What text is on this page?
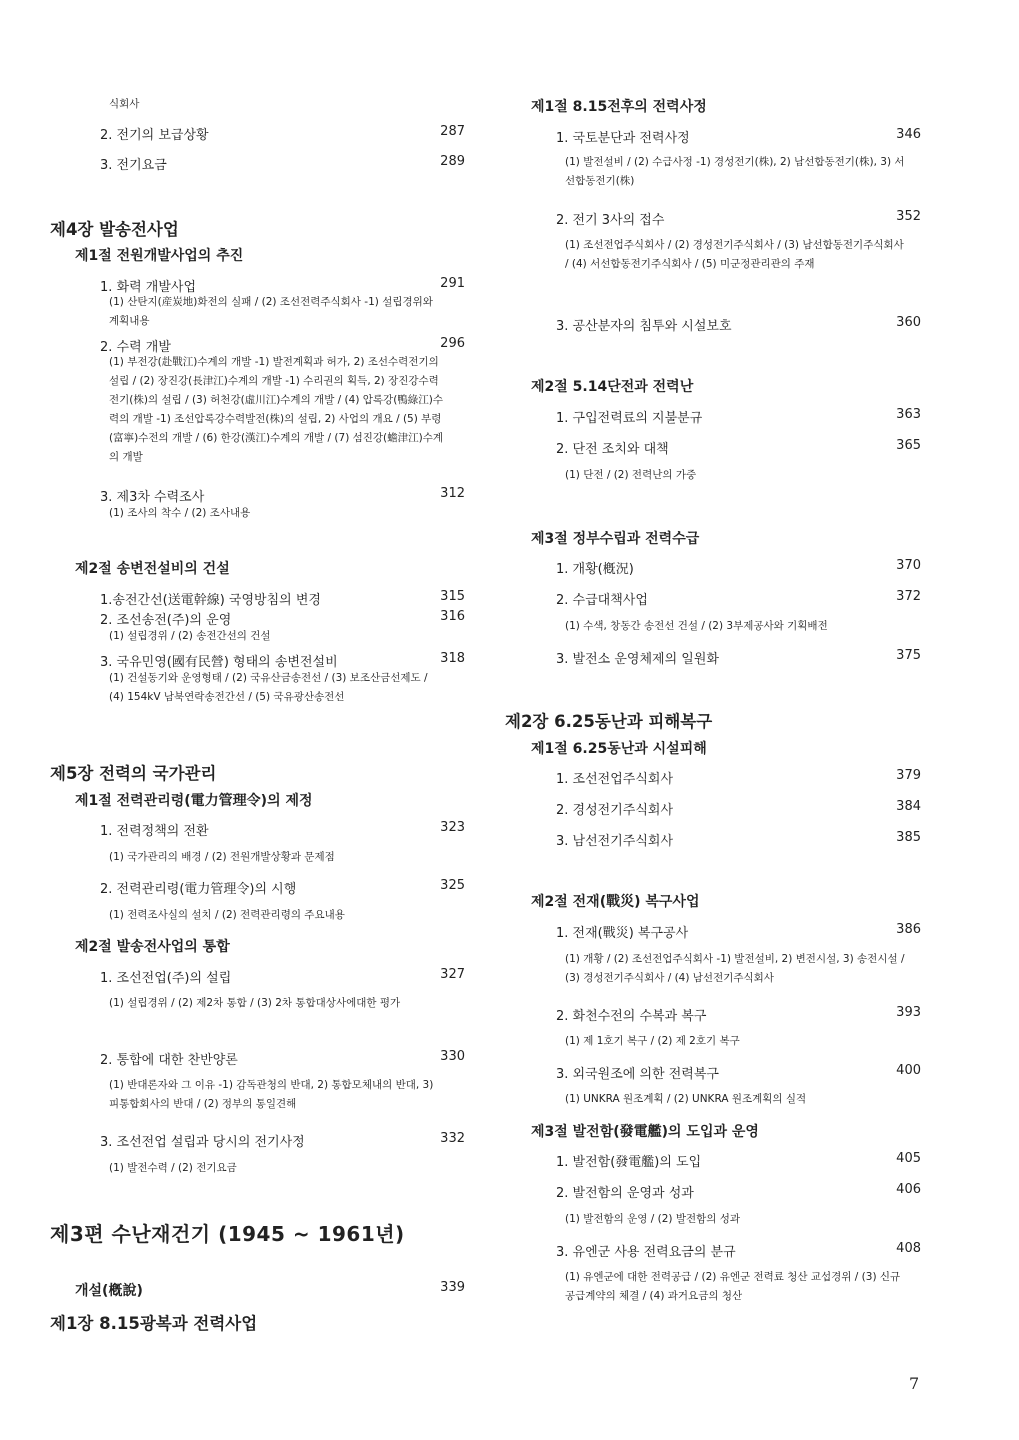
식회사
2. 전기의 보급상황	287
3. 전기요금	289
제4장 발송전사업
제1절 전원개발사업의 추진
1. 화력 개발사업	291
(1) 산탄지(産炭地)화전의 실패 / (2) 조선전력주식회사 -1) 설립경위와 계획내용
2. 수력 개발	296
(1) 부전강(赴戰江)수계의 개발 -1) 발전계획과 허가, 2) 조선수력전기의 설립 / (2) 장진강(長津江)수계의 개발 -1) 수리권의 획득, 2) 장진강수력전기(株)의 설립 / (3) 허천강(虛川江)수계의 개발 / (4) 압록강(鴨綠江)수력의 개발 -1) 조선압록강수력발전(株)의 설립, 2) 사업의 개요 / (5) 부령(富寧)수전의 개발 / (6) 한강(漢江)수계의 개발 / (7) 섬진강(蟾津江)수계의 개발
3. 제3차 수력조사	312
(1) 조사의 착수 / (2) 조사내용
제2절 송변전설비의 건설
1.송전간선(送電幹線) 국영방침의 변경	315
2. 조선송전(주)의 운영	316
(1) 설립경위 / (2) 송전간선의 건설
3. 국유민영(國有民營) 형태의 송변전설비	318
(1) 건설동기와 운영형태 / (2) 국유산금송전선 / (3) 보조산금선제도 / (4) 154kV 남북연락송전간선 / (5) 국유광산송전선
제5장 전력의 국가관리
제1절 전력관리령(電力管理令)의 제정
1. 전력정책의 전환	323
(1) 국가관리의 배경 / (2) 전원개발상황과 문제점
2. 전력관리령(電力管理令)의 시행	325
(1) 전력조사실의 설치 / (2) 전력관리령의 주요내용
제2절 발송전사업의 통합
1. 조선전업(주)의 설립	327
(1) 설립경위 / (2) 제2차 통합 / (3) 2차 통합대상사에대한 평가
2. 통합에 대한 찬반양론	330
(1) 반대론자와 그 이유 -1) 감독관청의 반대, 2) 통합모체내의 반대, 3) 피통합회사의 반대 / (2) 정부의 통일견해
3. 조선전업 설립과 당시의 전기사정	332
(1) 발전수력 / (2) 전기요금
제3편 수난재건기 (1945 ~ 1961년)
개설(槪說)	339
제1장 8.15광복과 전력사업
제1절 8.15전후의 전력사정
1. 국토분단과 전력사정	346
(1) 발전설비 / (2) 수급사정 -1) 경성전기(株), 2) 남선합동전기(株), 3) 서선합동전기(株)
2. 전기 3사의 접수	352
(1) 조선전업주식회사 / (2) 경성전기주식회사 / (3) 남선합동전기주식회사 / (4) 서선합동전기주식회사 / (5) 미군정관리관의 주재
3. 공산분자의 침투와 시설보호	360
제2절 5.14단전과 전력난
1. 구입전력료의 지불분규	363
2. 단전 조치와 대책	365
(1) 단전 / (2) 전력난의 가중
제3절 정부수립과 전력수급
1. 개황(槪況)	370
2. 수급대책사업	372
(1) 수색, 창동간 송전선 건설 / (2) 3부제공사와 기획배전
3. 발전소 운영체제의 일원화	375
제2장 6.25동난과 피해복구
제1절 6.25동난과 시설피해
1. 조선전업주식회사	379
2. 경성전기주식회사	384
3. 남선전기주식회사	385
제2절 전재(戰災) 복구사업
1. 전재(戰災) 복구공사	386
(1) 개황 / (2) 조선전업주식회사 -1) 발전설비, 2) 변전시설, 3) 송전시설 / (3) 경성전기주식회사 / (4) 남선전기주식회사
2. 화천수전의 수복과 복구	393
(1) 제 1호기 복구 / (2) 제 2호기 복구
3. 외국원조에 의한 전력복구	400
(1) UNKRA 원조계획 / (2) UNKRA 원조계획의 실적
제3절 발전함(發電艦)의 도입과 운영
1. 발전함(發電艦)의 도입	405
2. 발전함의 운영과 성과	406
(1) 발전함의 운영 / (2) 발전함의 성과
3. 유엔군 사용 전력요금의 분규	408
(1) 유엔군에 대한 전력공급 / (2) 유엔군 전력료 청산 교섭경위 / (3) 신규 공급계약의 체결 / (4) 과거요금의 청산
7
